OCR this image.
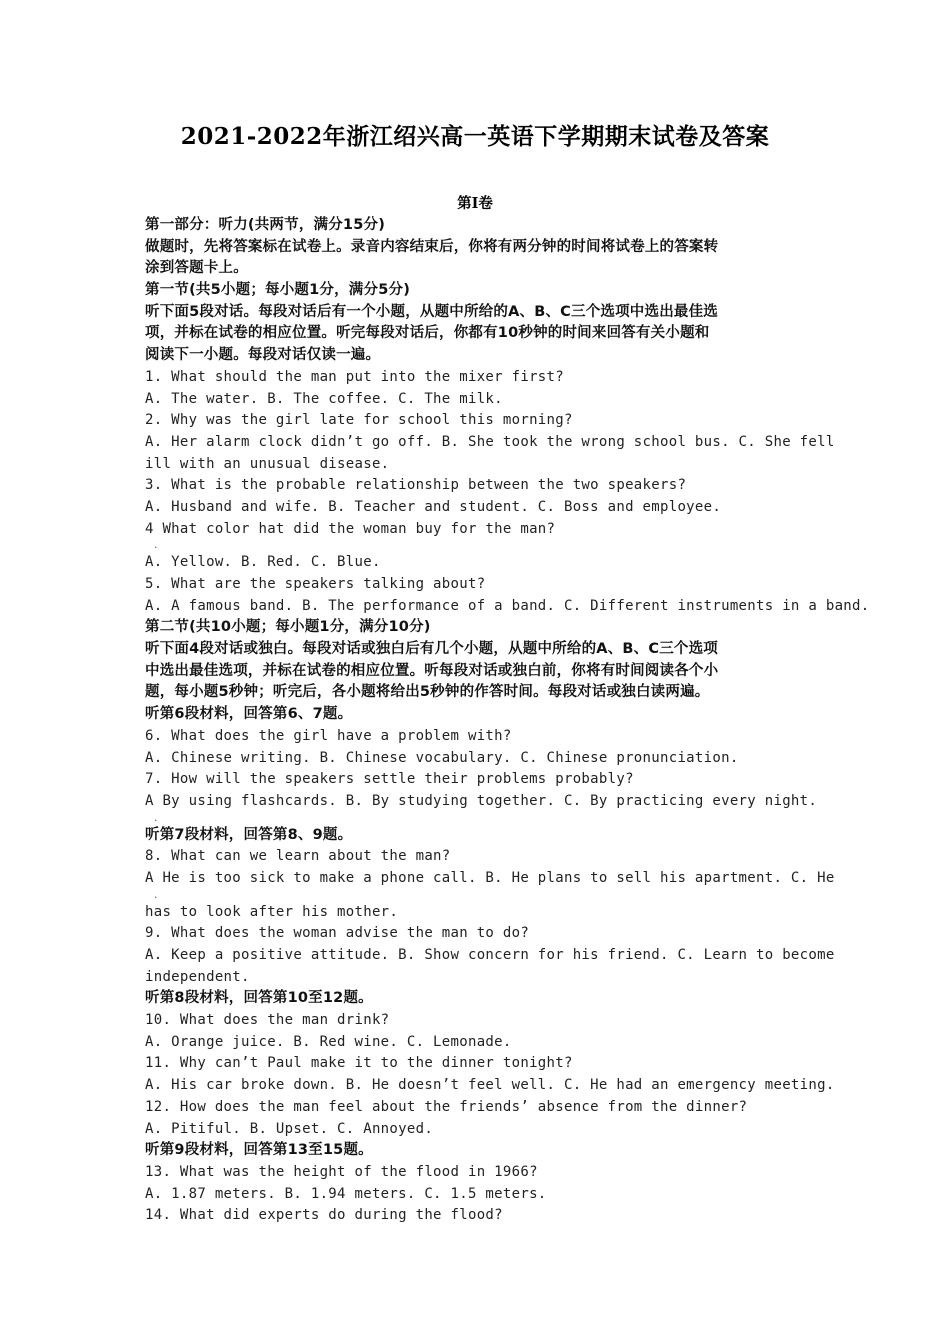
2021-2022年浙江绍兴高一英语下学期期末试卷及答案
第Ⅰ卷
第一部分：听力(共两节，满分15分)
做题时，先将答案标在试卷上。录音内容结束后，你将有两分钟的时间将试卷上的答案转
涂到答题卡上。
第一节(共5小题；每小题1分，满分5分)
听下面5段对话。每段对话后有一个小题，从题中所给的A、B、C三个选项中选出最佳选
项，并标在试卷的相应位置。听完每段对话后，你都有10秒钟的时间来回答有关小题和
阅读下一小题。每段对话仅读一遍。
1. What should the man put into the mixer first?
A. The water. B. The coffee. C. The milk.
2. Why was the girl late for school this morning?
A. Her alarm clock didn’t go off. B. She took the wrong school bus. C. She fell
ill with an unusual disease.
3. What is the probable relationship between the two speakers?
A. Husband and wife. B. Teacher and student. C. Boss and employee.
4 What color hat did the woman buy for the man?
.
A. Yellow. B. Red. C. Blue.
5. What are the speakers talking about?
A. A famous band. B. The performance of a band. C. Different instruments in a band.
第二节(共10小题；每小题1分，满分10分)
听下面4段对话或独白。每段对话或独白后有几个小题，从题中所给的A、B、C三个选项
中选出最佳选项，并标在试卷的相应位置。听每段对话或独白前，你将有时间阅读各个小
题，每小题5秒钟；听完后，各小题将给出5秒钟的作答时间。每段对话或独白读两遍。
听第6段材料，回答第6、7题。
6. What does the girl have a problem with?
A. Chinese writing. B. Chinese vocabulary. C. Chinese pronunciation.
7. How will the speakers settle their problems probably?
A By using flashcards. B. By studying together. C. By practicing every night.
.
听第7段材料，回答第8、9题。
8. What can we learn about the man?
A He is too sick to make a phone call. B. He plans to sell his apartment. C. He
.
has to look after his mother.
9. What does the woman advise the man to do?
A. Keep a positive attitude. B. Show concern for his friend. C. Learn to become
independent.
听第8段材料，回答第10至12题。
10. What does the man drink?
A. Orange juice. B. Red wine. C. Lemonade.
11. Why can’t Paul make it to the dinner tonight?
A. His car broke down. B. He doesn’t feel well. C. He had an emergency meeting.
12. How does the man feel about the friends’ absence from the dinner?
A. Pitiful. B. Upset. C. Annoyed.
听第9段材料，回答第13至15题。
13. What was the height of the flood in 1966?
A. 1.87 meters. B. 1.94 meters. C. 1.5 meters.
14. What did experts do during the flood?
